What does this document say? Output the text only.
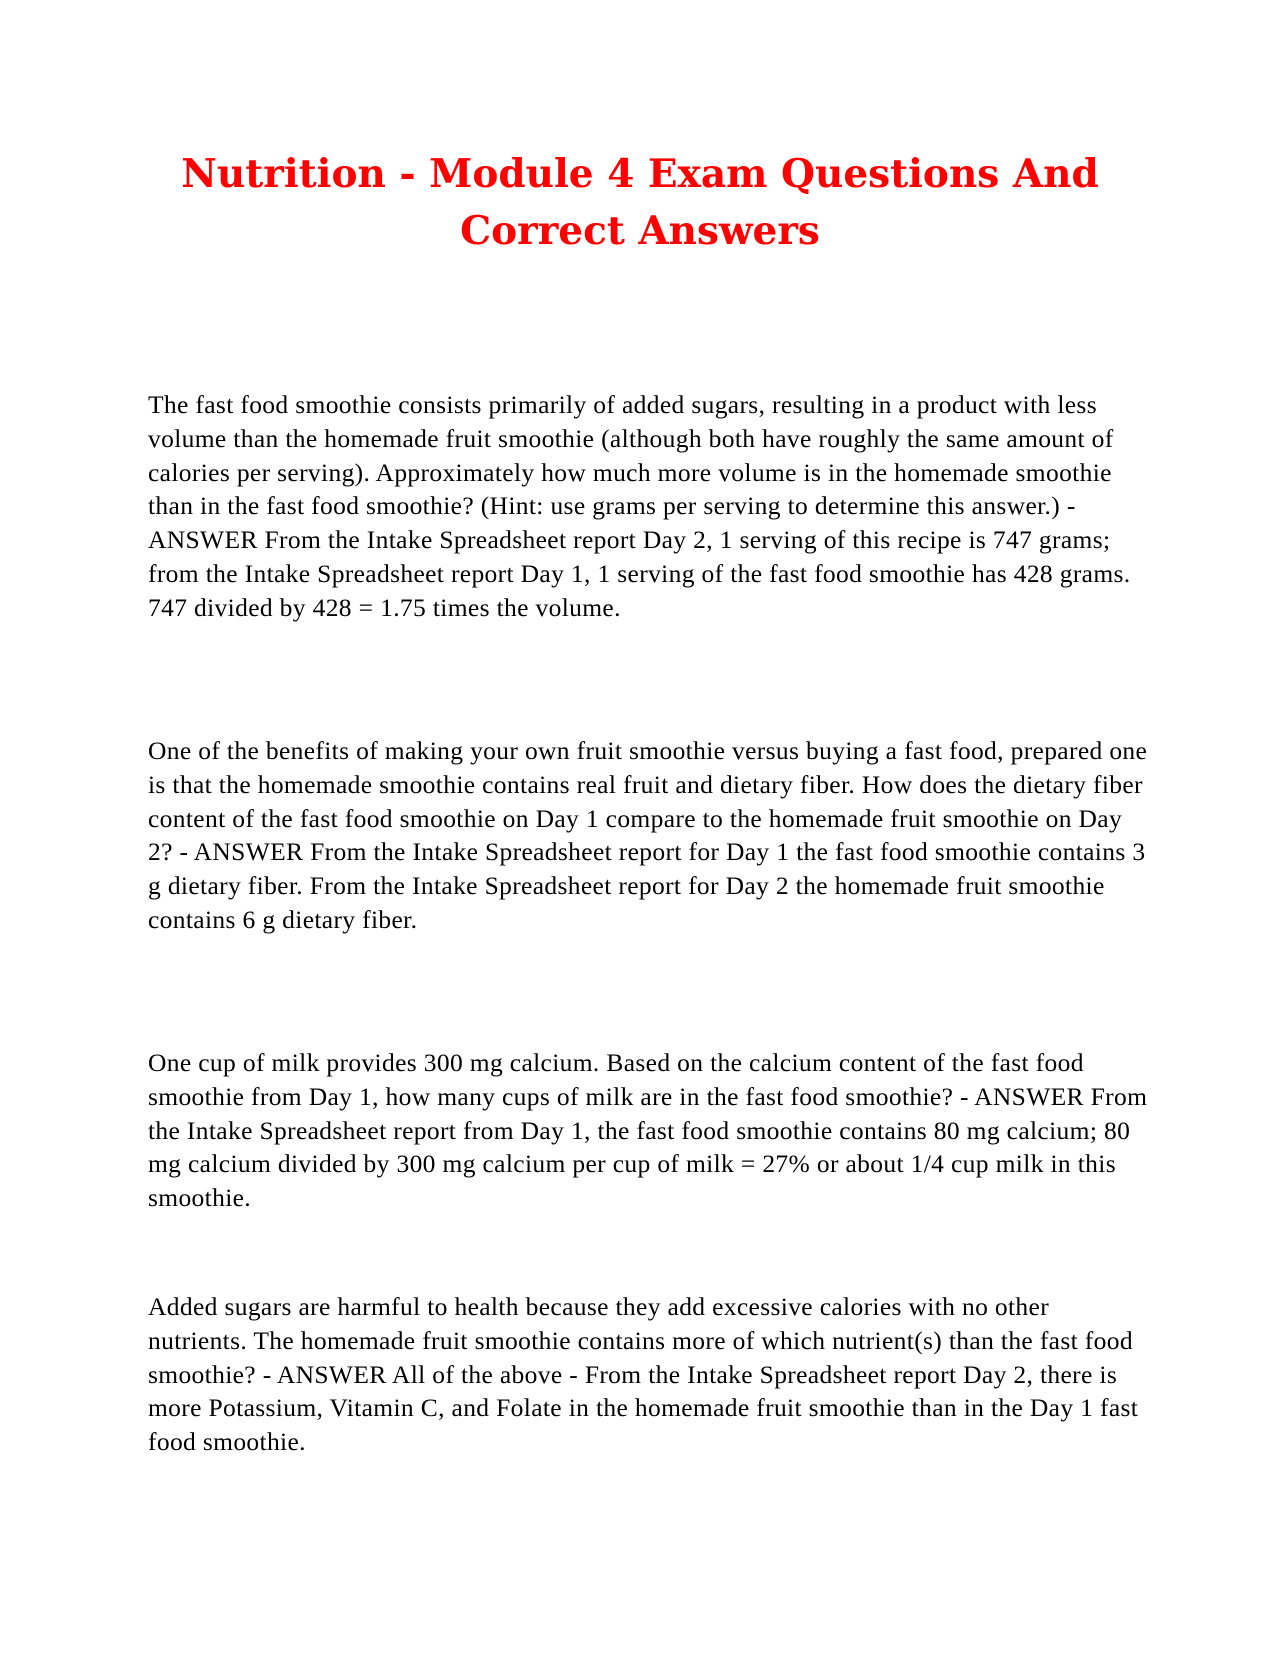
Nutrition - Module 4 Exam Questions And Correct Answers

The fast food smoothie consists primarily of added sugars, resulting in a product with less volume than the homemade fruit smoothie (although both have roughly the same amount of calories per serving). Approximately how much more volume is in the homemade smoothie than in the fast food smoothie? (Hint: use grams per serving to determine this answer.) - ANSWER From the Intake Spreadsheet report Day 2, 1 serving of this recipe is 747 grams; from the Intake Spreadsheet report Day 1, 1 serving of the fast food smoothie has 428 grams. 747 divided by 428 = 1.75 times the volume.

One of the benefits of making your own fruit smoothie versus buying a fast food, prepared one is that the homemade smoothie contains real fruit and dietary fiber. How does the dietary fiber content of the fast food smoothie on Day 1 compare to the homemade fruit smoothie on Day 2? - ANSWER From the Intake Spreadsheet report for Day 1 the fast food smoothie contains 3 g dietary fiber. From the Intake Spreadsheet report for Day 2 the homemade fruit smoothie contains 6 g dietary fiber.

One cup of milk provides 300 mg calcium. Based on the calcium content of the fast food smoothie from Day 1, how many cups of milk are in the fast food smoothie? - ANSWER From the Intake Spreadsheet report from Day 1, the fast food smoothie contains 80 mg calcium; 80 mg calcium divided by 300 mg calcium per cup of milk = 27% or about 1/4 cup milk in this smoothie.

Added sugars are harmful to health because they add excessive calories with no other nutrients. The homemade fruit smoothie contains more of which nutrient(s) than the fast food smoothie? - ANSWER All of the above - From the Intake Spreadsheet report Day 2, there is more Potassium, Vitamin C, and Folate in the homemade fruit smoothie than in the Day 1 fast food smoothie.
